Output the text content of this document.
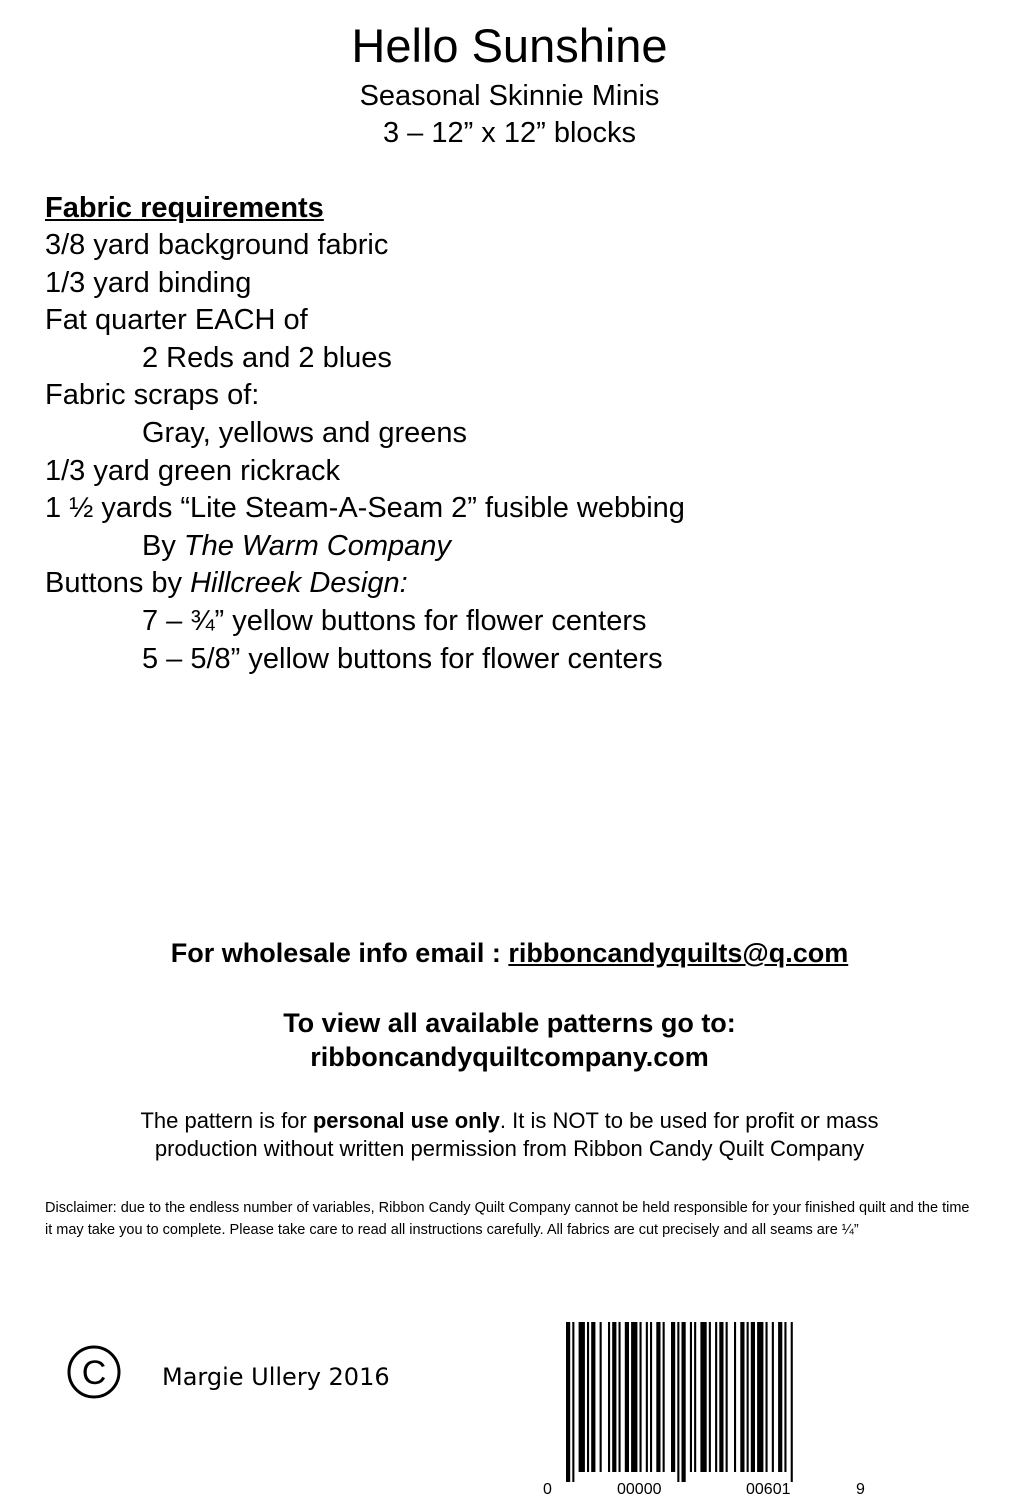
Hello Sunshine
Seasonal Skinnie Minis
3 – 12” x 12” blocks
Fabric requirements
3/8 yard background fabric
1/3 yard binding
Fat quarter EACH of
2 Reds and 2 blues
Fabric scraps of:
Gray, yellows and greens
1/3 yard green rickrack
1 ½ yards “Lite Steam-A-Seam 2” fusible webbing
By The Warm Company
Buttons by Hillcreek Design:
7 – ¾” yellow buttons for flower centers
5 – 5/8” yellow buttons for flower centers
For wholesale info email : ribboncandyquilts@q.com
To view all available patterns go to:
ribboncandyquiltcompany.com
The pattern is for personal use only. It is NOT to be used for profit or mass
production without written permission from Ribbon Candy Quilt Company
Disclaimer: due to the endless number of variables, Ribbon Candy Quilt Company cannot be held responsible for your finished quilt and the time it may take you to complete. Please take care to read all instructions carefully. All fabrics are cut precisely and all seams are ¼”
C Margie Ullery 2016
0	00000	00601	9
